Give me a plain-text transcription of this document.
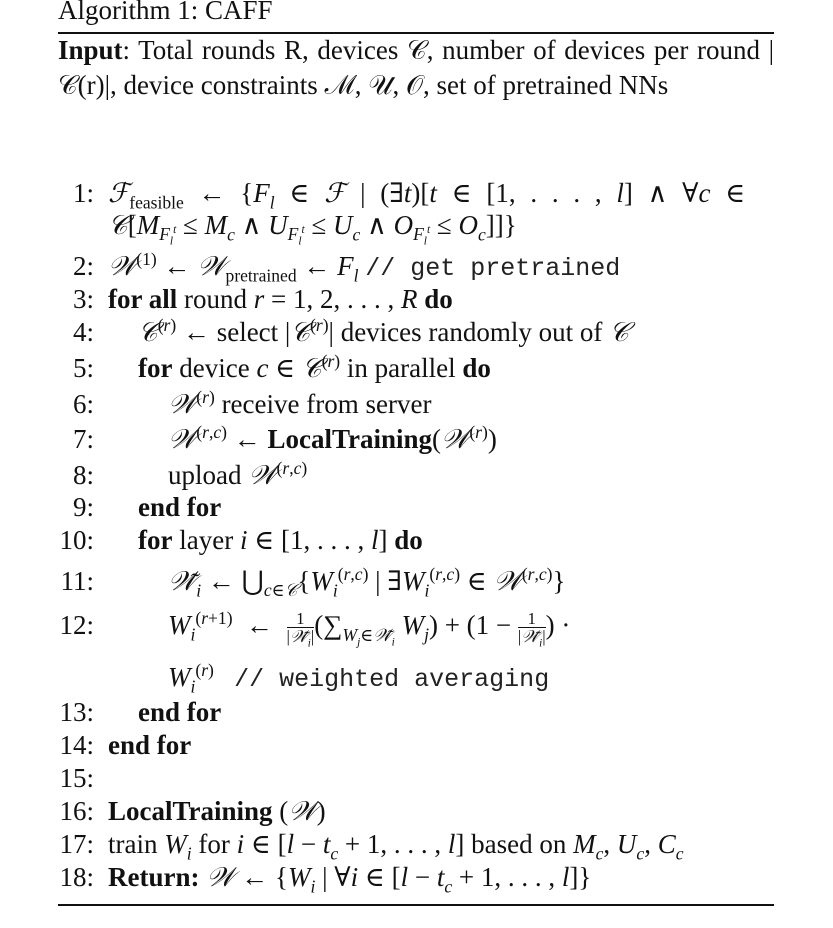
Algorithm 1: CAFF
Input: Total rounds R, devices 𝒞, number of devices per round |𝒞(r)|, device constraints ℳ, 𝒰, 𝒪, set of pretrained NNs
1: ℱ$_{feasible}$ ← {$F_l$ ∈ ℱ | (∃t)[t ∈ [1, . . . , l] ∧ ∀c ∈
$𝒞[M_{F_l^t} \le M_c$ ∧ $U_{F_l^t} \le U_c$ ∧ $O_{F_l^t} \le O_c$]]}
2: 𝒲$^{(1)}$ ← 𝒲$_{pretrained}$ ← $F_l$ // get pretrained
3: for all round r = 1, 2, . . . , R do
4: 𝒞$^{(r)}$ ← select |𝒞$^{(r)}$| devices randomly out of 𝒞
5: for device c ∈ 𝒞$^{(r)}$ in parallel do
6:	𝒲$^{(r)}$ receive from server
7:	𝒲$^{(r,c)}$ ← LocalTraining(𝒲$^{(r)}$)
8:	upload 𝒲$^{(r,c)}$
9: end for
10: for layer i ∈ [1, . . . , l] do
11:	$𝒲̃_i$ ← $⋃_{c\in 𝒞}\{W_i^{(r,c)}$ | $\exists W_i^{(r,c)}$ ∈ 𝒲$^{(r,c)}$}
12:	$W_i^{(r+1)}$  ← $\frac{1}{|𝒲̃_i|} (\sum_{W_j\in 𝒲̃_i}$ $W_j) + (1 - \frac{1}{|𝒲̃_i|}$ ) ·
$W_i^{(r)}$ // weighted averaging
13: end for
14: end for
15:
16: LocalTraining (𝒲)
17: train $W_i$ for i ∈ [$l - t_c + 1$, . . . , l] based on $M_c$, $U_c$, $C_c$
18: Return: 𝒲 ← {$W_i$ | ∀i ∈ [$l - t_c + 1$, . . . , l]}
